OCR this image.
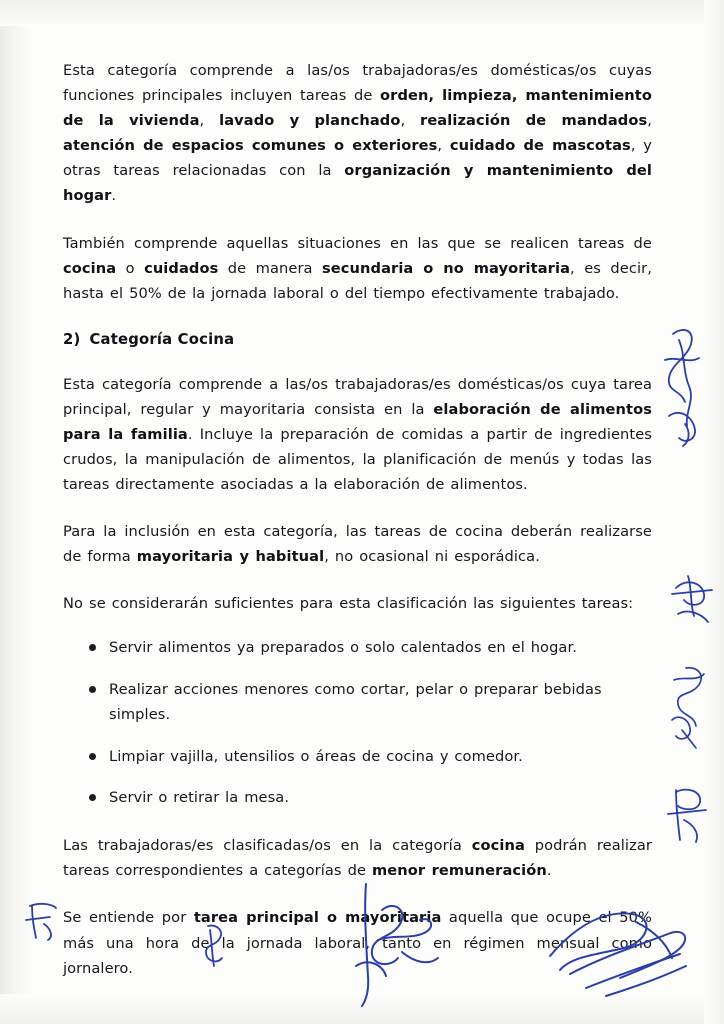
Esta categoría comprende a las/os trabajadoras/es domésticas/os cuyas funciones principales incluyen tareas de orden, limpieza, mantenimiento de la vivienda, lavado y planchado, realización de mandados, atención de espacios comunes o exteriores, cuidado de mascotas, y otras tareas relacionadas con la organización y mantenimiento del hogar.

También comprende aquellas situaciones en las que se realicen tareas de cocina o cuidados de manera secundaria o no mayoritaria, es decir, hasta el 50% de la jornada laboral o del tiempo efectivamente trabajado.

2) Categoría Cocina

Esta categoría comprende a las/os trabajadoras/es domésticas/os cuya tarea principal, regular y mayoritaria consista en la elaboración de alimentos para la familia. Incluye la preparación de comidas a partir de ingredientes crudos, la manipulación de alimentos, la planificación de menús y todas las tareas directamente asociadas a la elaboración de alimentos.

Para la inclusión en esta categoría, las tareas de cocina deberán realizarse de forma mayoritaria y habitual, no ocasional ni esporádica.

No se considerarán suficientes para esta clasificación las siguientes tareas:

Servir alimentos ya preparados o solo calentados en el hogar.
Realizar acciones menores como cortar, pelar o preparar bebidas simples.
Limpiar vajilla, utensilios o áreas de cocina y comedor.
Servir o retirar la mesa.

Las trabajadoras/es clasificadas/os en la categoría cocina podrán realizar tareas correspondientes a categorías de menor remuneración.

Se entiende por tarea principal o mayoritaria aquella que ocupe el 50% más una hora de la jornada laboral, tanto en régimen mensual como jornalero.
